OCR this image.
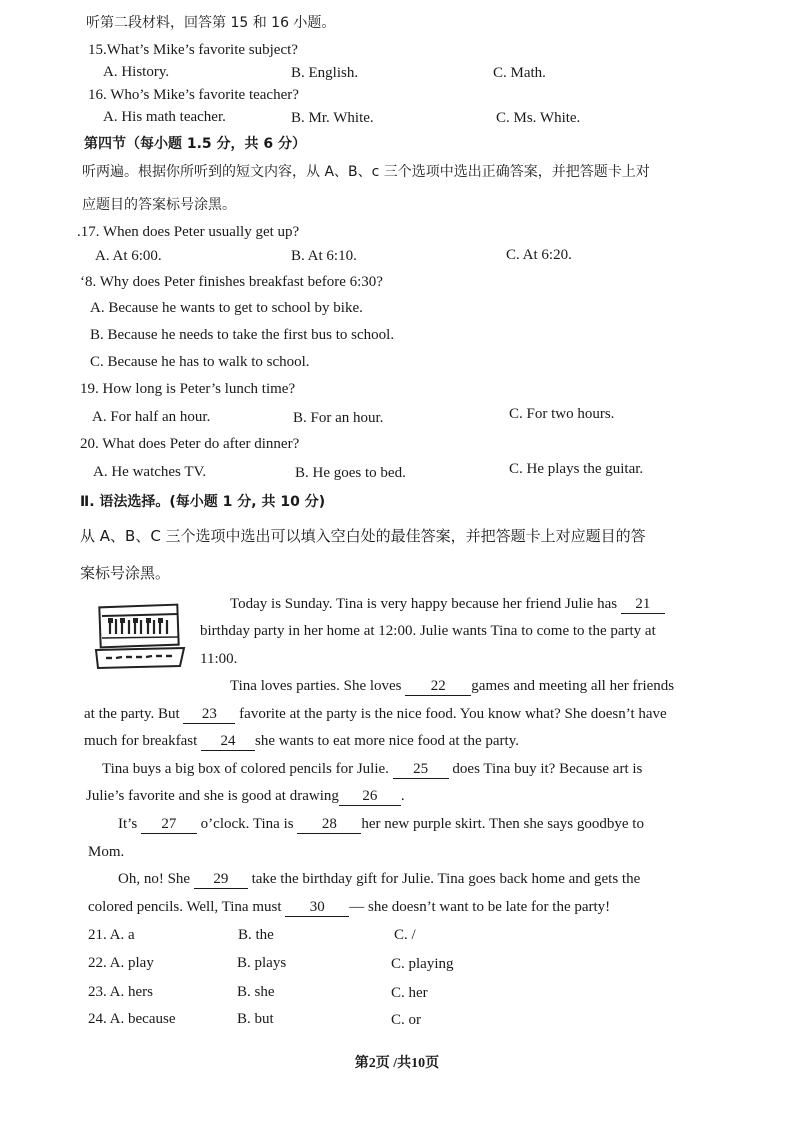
听第二段材料，回答第 15 和 16 小题。
15.What’s Mike’s favorite subject?
A. History.	B. English.	C. Math.
16. Who’s Mike’s favorite teacher?
A. His math teacher.	B. Mr. White.	C. Ms. White.
第四节（每小题 1.5 分，共 6 分）
听两遍。根据你所听到的短文内容，从 A、B、c 三个选项中选出正确答案，并把答题卡上对
应题目的答案标号涂黑。
.17. When does Peter usually get up?
A. At 6:00.	B. At 6:10.	C. At 6:20.
‘8. Why does Peter finishes breakfast before 6:30?
A. Because he wants to get to school by bike.
B. Because he needs to take the first bus to school.
C. Because he has to walk to school.
19. How long is Peter’s lunch time?
A. For half an hour.	B. For an hour.	C. For two hours.
20. What does Peter do after dinner?
A. He watches TV.	B. He goes to bed.	C. He plays the guitar.
Ⅱ. 语法选择。(每小题 1 分, 共 10 分)
从 A、B、C 三个选项中选出可以填入空白处的最佳答案，并把答题卡上对应题目的答
案标号涂黑。
Today is Sunday. Tina is very happy because her friend Julie has 21
birthday party in her home at 12:00. Julie wants Tina to come to the party at
11:00.
Tina loves parties. She loves 22 games and meeting all her friends
at the party. But 23 favorite at the party is the nice food. You know what? She doesn’t have
much for breakfast 24 she wants to eat more nice food at the party.
Tina buys a big box of colored pencils for Julie. 25 does Tina buy it? Because art is
Julie’s favorite and she is good at drawing 26 .
It’s 27 o’clock. Tina is 28 her new purple skirt. Then she says goodbye to
Mom.
Oh, no! She 29 take the birthday gift for Julie. Tina goes back home and gets the
colored pencils. Well, Tina must 30 — she doesn’t want to be late for the party!
21. A. a	B. the	C. /
22. A. play	B. plays	C. playing
23. A. hers	B. she	C. her
24. A. because	B. but	C. or
第2页 /共10页
